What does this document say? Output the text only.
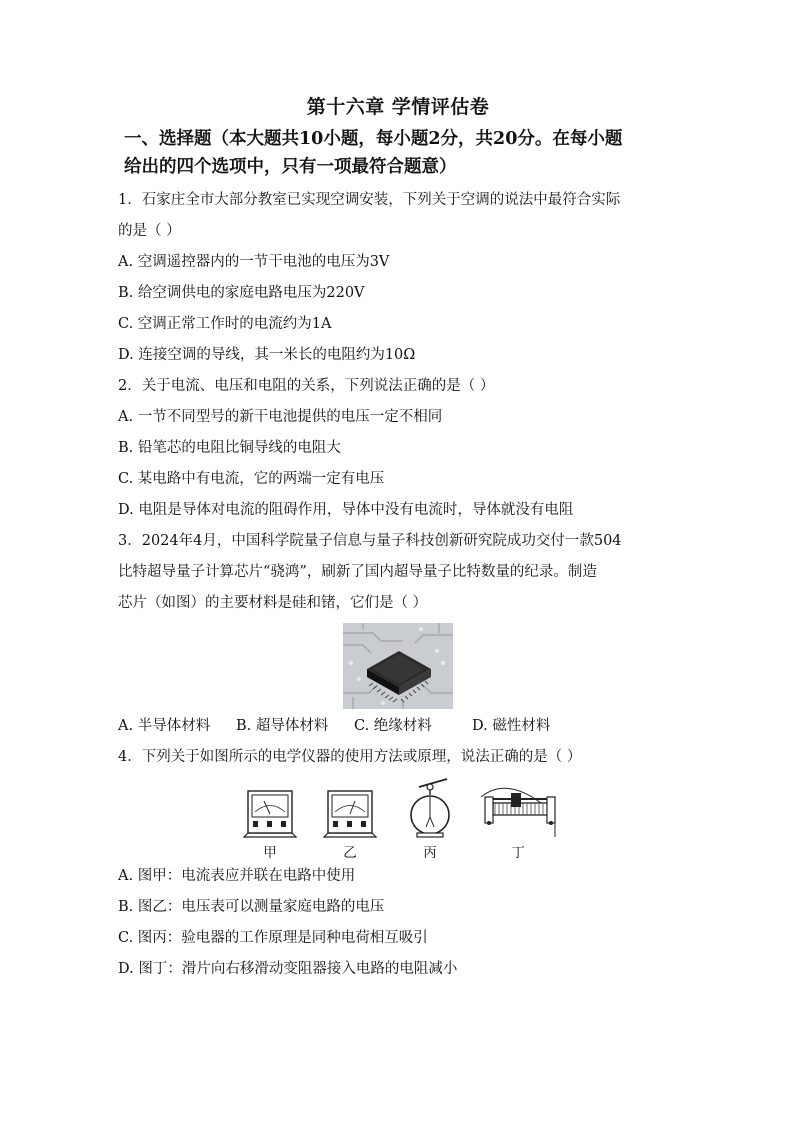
第十六章 学情评估卷
一、选择题（本大题共10小题，每小题2分，共20分。在每小题
给出的四个选项中，只有一项最符合题意）
1．石家庄全市大部分教室已实现空调安装，下列关于空调的说法中最符合实际
的是（ ）
A. 空调遥控器内的一节干电池的电压为3V
B. 给空调供电的家庭电路电压为220V
C. 空调正常工作时的电流约为1A
D. 连接空调的导线，其一米长的电阻约为10Ω
2．关于电流、电压和电阻的关系，下列说法正确的是（ ）
A. 一节不同型号的新干电池提供的电压一定不相同
B. 铅笔芯的电阻比铜导线的电阻大
C. 某电路中有电流，它的两端一定有电压
D. 电阻是导体对电流的阻碍作用，导体中没有电流时，导体就没有电阻
3．2024年4月，中国科学院量子信息与量子科技创新研究院成功交付一款504
比特超导量子计算芯片“骁鸿”，刷新了国内超导量子比特数量的纪录。制造
芯片（如图）的主要材料是硅和锗，它们是（ ）
A. 半导体材料 B. 超导体材料 C. 绝缘材料	D. 磁性材料
4．下列关于如图所示的电学仪器的使用方法或原理，说法正确的是（ ）
甲	乙	丙	丁
A. 图甲：电流表应并联在电路中使用
B. 图乙：电压表可以测量家庭电路的电压
C. 图丙：验电器的工作原理是同种电荷相互吸引
D. 图丁：滑片向右移滑动变阻器接入电路的电阻减小
